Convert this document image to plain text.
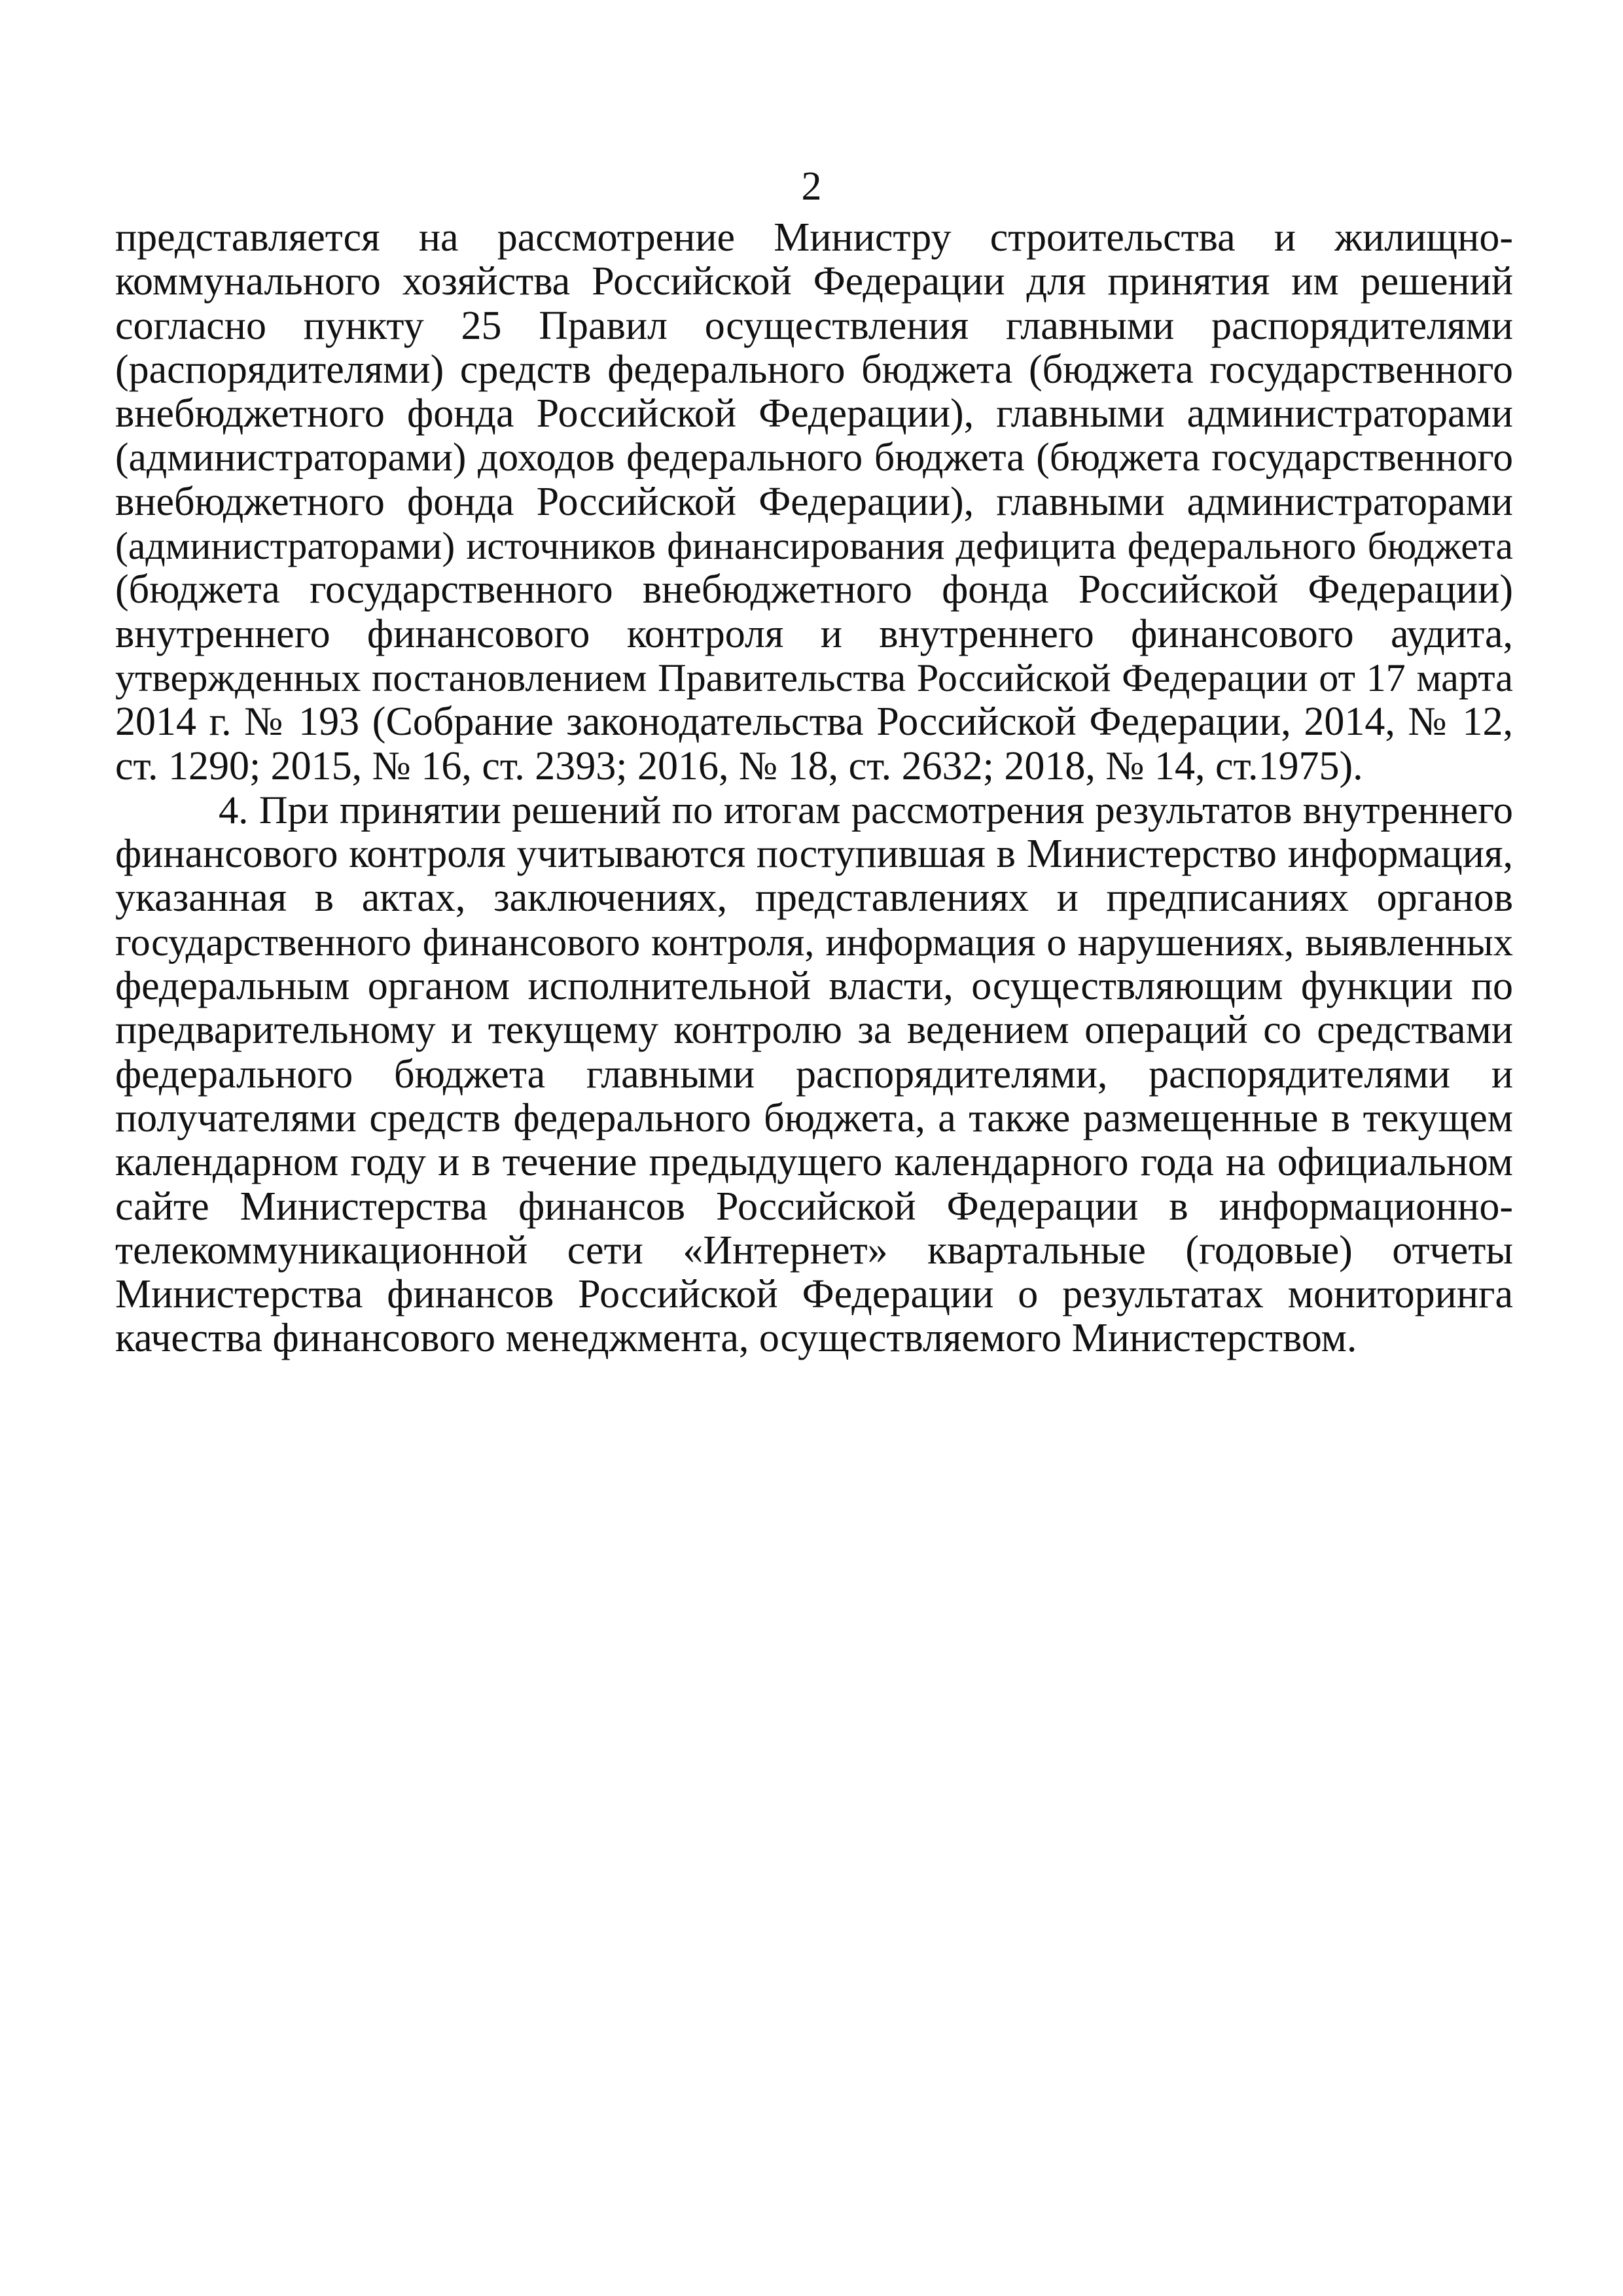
2
представляется на рассмотрение Министру строительства и жилищно-
коммунального хозяйства Российской Федерации для принятия им решений
согласно пункту 25 Правил осуществления главными распорядителями
(распорядителями) средств федерального бюджета (бюджета государственного
внебюджетного фонда Российской Федерации), главными администраторами
(администраторами) доходов федерального бюджета (бюджета государственного
внебюджетного фонда Российской Федерации), главными администраторами
(администраторами) источников финансирования дефицита федерального бюджета
(бюджета государственного внебюджетного фонда Российской Федерации)
внутреннего финансового контроля и внутреннего финансового аудита,
утвержденных постановлением Правительства Российской Федерации от 17 марта
2014 г. № 193 (Собрание законодательства Российской Федерации, 2014, № 12,
ст. 1290; 2015, № 16, ст. 2393; 2016, № 18, ст. 2632; 2018, № 14, ст.1975).
4. При принятии решений по итогам рассмотрения результатов внутреннего
финансового контроля учитываются поступившая в Министерство информация,
указанная в актах, заключениях, представлениях и предписаниях органов
государственного финансового контроля, информация о нарушениях, выявленных
федеральным органом исполнительной власти, осуществляющим функции по
предварительному и текущему контролю за ведением операций со средствами
федерального бюджета главными распорядителями, распорядителями и
получателями средств федерального бюджета, а также размещенные в текущем
календарном году и в течение предыдущего календарного года на официальном
сайте Министерства финансов Российской Федерации в информационно-
телекоммуникационной сети «Интернет» квартальные (годовые) отчеты
Министерства финансов Российской Федерации о результатах мониторинга
качества финансового менеджмента, осуществляемого Министерством.
